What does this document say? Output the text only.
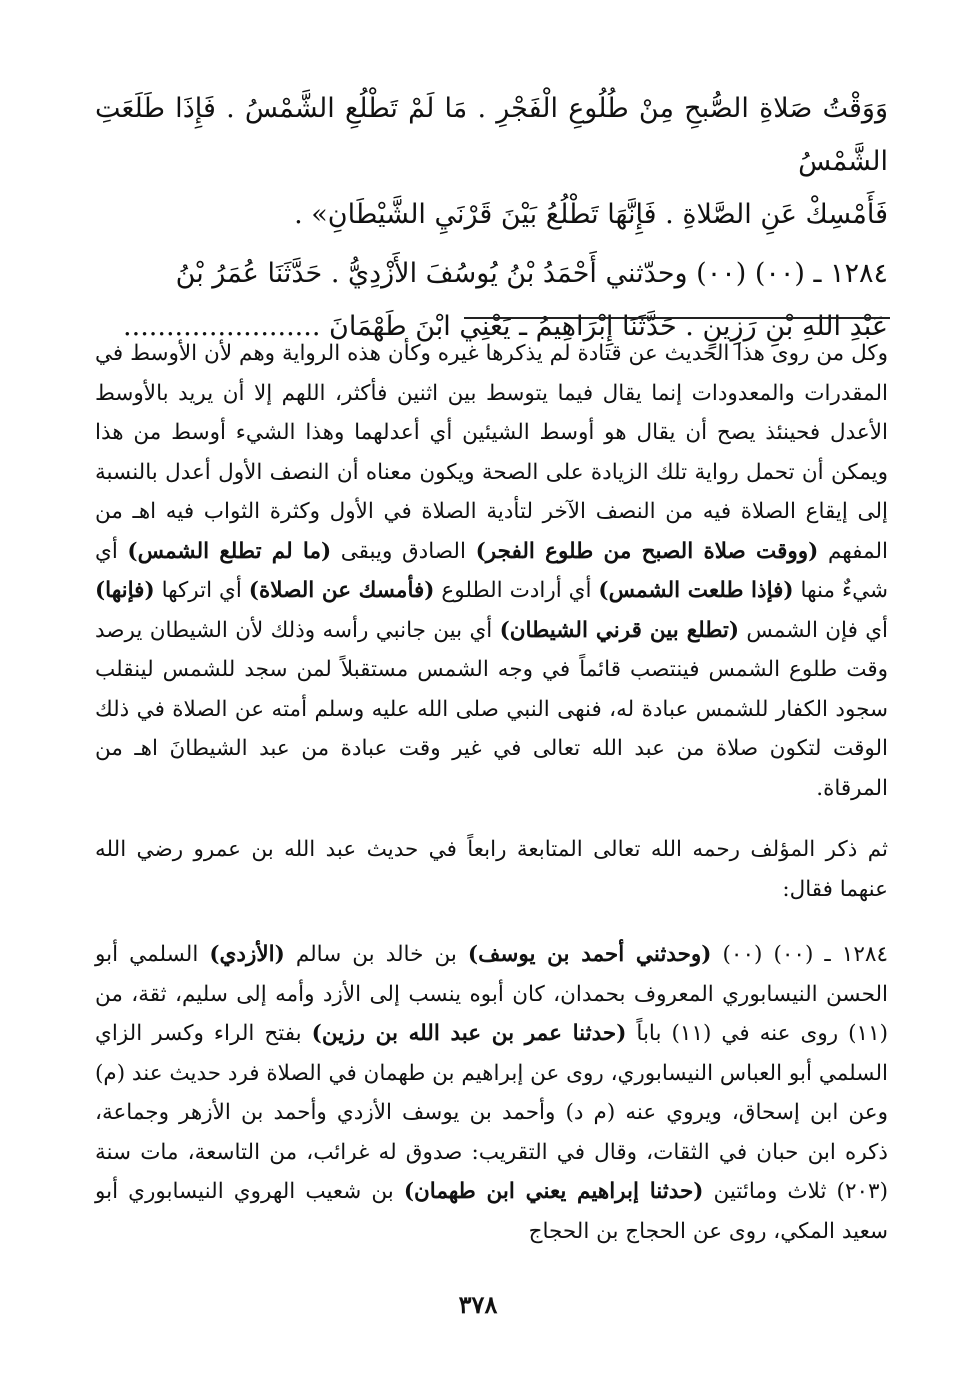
وَوَقْتُ صَلاةِ الصُّبحِ مِنْ طُلُوعِ الْفَجْرِ . مَا لَمْ تَطْلُعِ الشَّمْسُ . فَإِذَا طَلَعَتِ الشَّمْسُ

فَأَمْسِكْ عَنِ الصَّلاةِ . فَإِنَّهَا تَطْلُعُ بَيْنَ قَرْنَيِ الشَّيْطَانِ» .

١٢٨٤ ـ (٠٠) (٠٠) وحدّثني أَحْمَدُ بْنُ يُوسُفَ الأَزْدِيُّ . حَدَّثَنَا عُمَرُ بْنُ

عَبْدِ اللهِ بْنِ رَزِينٍ . حَدَّثَنَا إِبْرَاهِيمُ ـ يَعْنِي ابْنَ طَهْمَانَ .......................

وكل من روى هذا الحديث عن قتادة لم يذكرها غيره وكأن هذه الرواية وهم لأن الأوسط في المقدرات والمعدودات إنما يقال فيما يتوسط بين اثنين فأكثر، اللهم إلا أن يريد بالأوسط الأعدل فحينئذ يصح أن يقال هو أوسط الشيئين أي أعدلهما وهذا الشيء أوسط من هذا ويمكن أن تحمل رواية تلك الزيادة على الصحة ويكون معناه أن النصف الأول أعدل بالنسبة إلى إيقاع الصلاة فيه من النصف الآخر لتأدية الصلاة في الأول وكثرة الثواب فيه اهـ من المفهم (ووقت صلاة الصبح من طلوع الفجر) الصادق ويبقى (ما لم تطلع الشمس) أي شيءٌ منها (فإذا طلعت الشمس) أي أرادت الطلوع (فأمسك عن الصلاة) أي اتركها (فإنها) أي فإن الشمس (تطلع بين قرني الشيطان) أي بين جانبي رأسه وذلك لأن الشيطان يرصد وقت طلوع الشمس فينتصب قائماً في وجه الشمس مستقبلاً لمن سجد للشمس لينقلب سجود الكفار للشمس عبادة له، فنهى النبي صلى الله عليه وسلم أمته عن الصلاة في ذلك الوقت لتكون صلاة من عبد الله تعالى في غير وقت عبادة من عبد الشيطانَ اهـ من المرقاة.

ثم ذكر المؤلف رحمه الله تعالى المتابعة رابعاً في حديث عبد الله بن عمرو رضي الله عنهما فقال:

١٢٨٤ ـ (٠٠) (٠٠) (وحدثني أحمد بن يوسف) بن خالد بن سالم (الأزدي) السلمي أبو الحسن النيسابوري المعروف بحمدان، كان أبوه ينسب إلى الأزد وأمه إلى سليم، ثقة، من (١١) روى عنه في (١١) باباً (حدثنا عمر بن عبد الله بن رزين) بفتح الراء وكسر الزاي السلمي أبو العباس النيسابوري، روى عن إبراهيم بن طهمان في الصلاة فرد حديث عند (م) وعن ابن إسحاق، ويروي عنه (م د) وأحمد بن يوسف الأزدي وأحمد بن الأزهر وجماعة، ذكره ابن حبان في الثقات، وقال في التقريب: صدوق له غرائب، من التاسعة، مات سنة (٢٠٣) ثلاث ومائتين (حدثنا إبراهيم يعني ابن طهمان) بن شعيب الهروي النيسابوري أبو سعيد المكي، روى عن الحجاج بن الحجاج

٣٧٨
